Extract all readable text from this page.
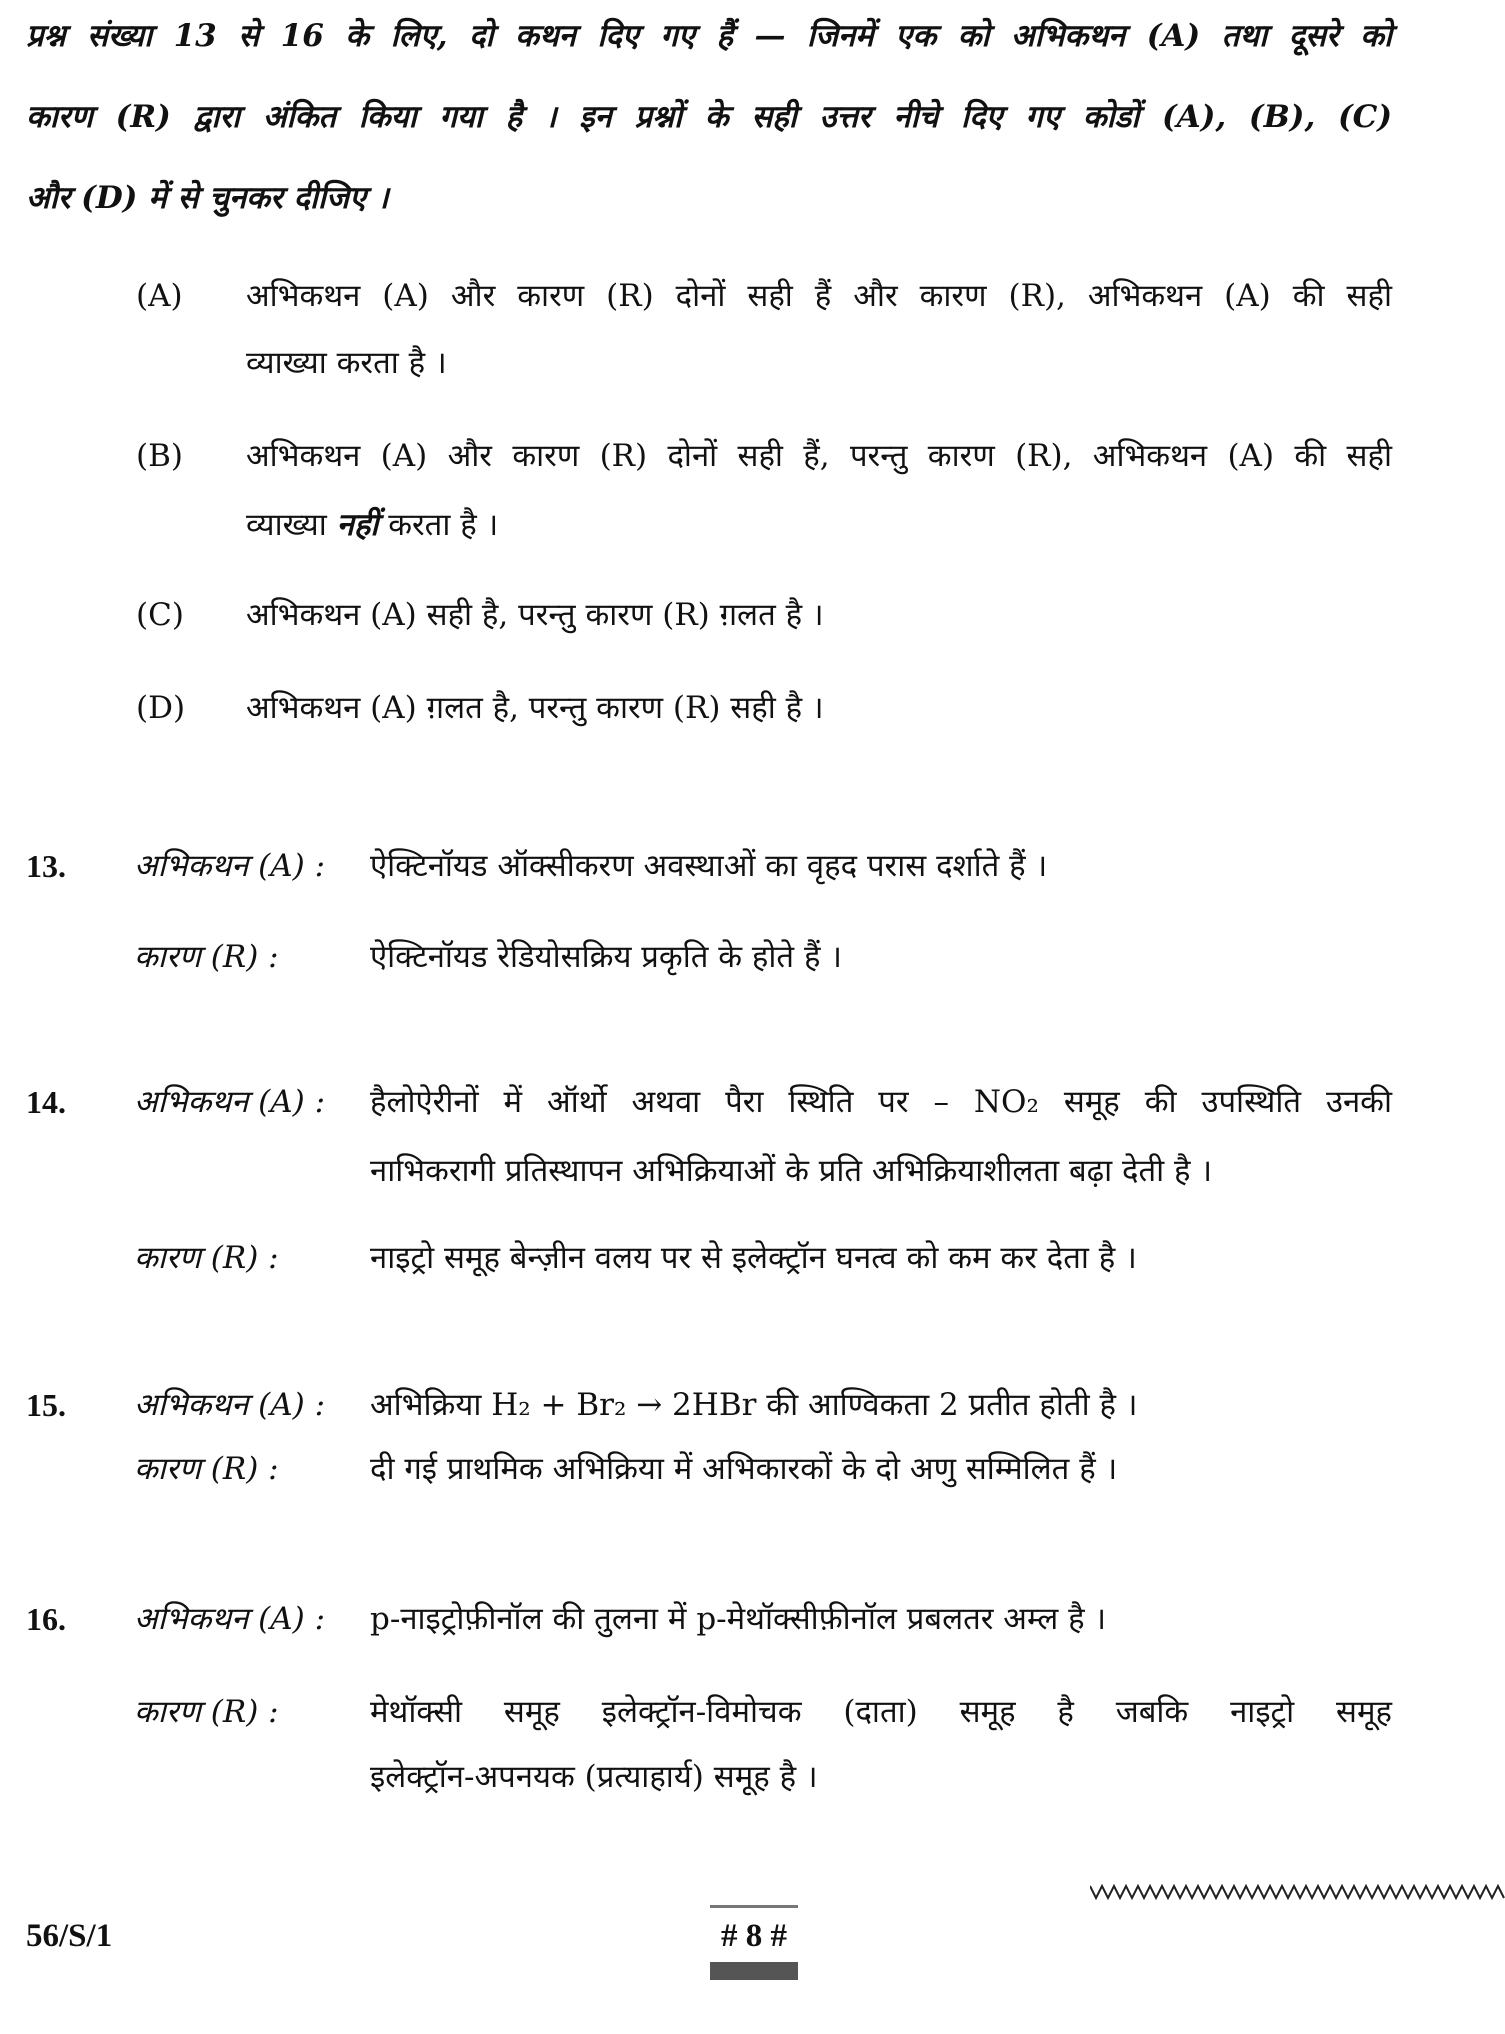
प्रश्न संख्या 13 से 16 के लिए, दो कथन दिए गए हैं — जिनमें एक को अभिकथन (A) तथा दूसरे को
कारण (R) द्वारा अंकित किया गया है । इन प्रश्नों के सही उत्तर नीचे दिए गए कोडों (A), (B), (C)
और (D) में से चुनकर दीजिए ।
(A) अभिकथन (A) और कारण (R) दोनों सही हैं और कारण (R), अभिकथन (A) की सही
व्याख्या करता है ।
(B) अभिकथन (A) और कारण (R) दोनों सही हैं, परन्तु कारण (R), अभिकथन (A) की सही
व्याख्या नहीं करता है ।
(C) अभिकथन (A) सही है, परन्तु कारण (R) ग़लत है ।
(D) अभिकथन (A) ग़लत है, परन्तु कारण (R) सही है ।
13. अभिकथन (A) : ऐक्टिनॉयड ऑक्सीकरण अवस्थाओं का वृहद परास दर्शाते हैं ।
कारण (R) :	ऐक्टिनॉयड रेडियोसक्रिय प्रकृति के होते हैं ।
14. अभिकथन (A) : हैलोऐरीनों में ऑर्थो अथवा पैरा स्थिति पर – NO₂ समूह की उपस्थिति उनकी
नाभिकरागी प्रतिस्थापन अभिक्रियाओं के प्रति अभिक्रियाशीलता बढ़ा देती है ।
कारण (R) :	नाइट्रो समूह बेन्ज़ीन वलय पर से इलेक्ट्रॉन घनत्व को कम कर देता है ।
15. अभिकथन (A) : अभिक्रिया H₂ + Br₂ → 2HBr की आण्विकता 2 प्रतीत होती है ।
कारण (R) :	दी गई प्राथमिक अभिक्रिया में अभिकारकों के दो अणु सम्मिलित हैं ।
16. अभिकथन (A) : p-नाइट्रोफ़ीनॉल की तुलना में p-मेथॉक्सीफ़ीनॉल प्रबलतर अम्ल है ।
कारण (R) :	मेथॉक्सी समूह इलेक्ट्रॉन-विमोचक (दाता) समूह है जबकि नाइट्रो समूह
इलेक्ट्रॉन-अपनयक (प्रत्याहार्य) समूह है ।
56/S/1	# 8 #
